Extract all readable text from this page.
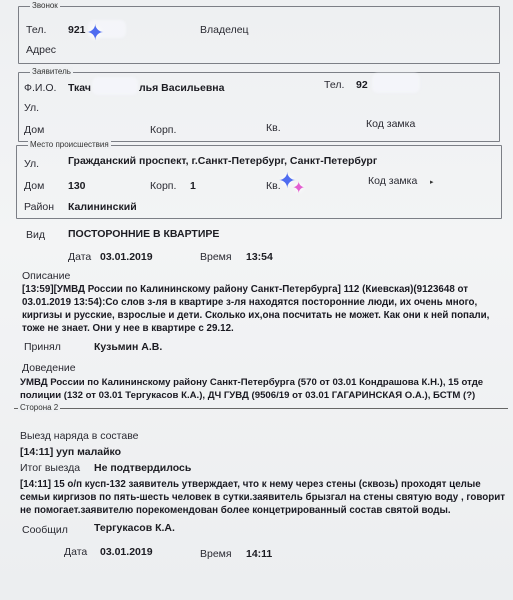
Звонок
Тел. 921 ✦	Владелец
Адрес
Заявитель
Ф.И.О. Ткач	лья Васильевна	Тел. 92
Ул.
Дом	Корп.	Кв.	Код замка
Место происшествия
Ул.	Гражданский проспект, г.Санкт-Петербург, Санкт-Петербург
Дом 130	Корп. 1	Кв.
✦
✦	Код замка ▸
Район Калининский
Вид ПОСТОРОННИЕ В КВАРТИРЕ
Дата 03.01.2019	Время 13:54
Описание
[13:59][УМВД России по Калининскому району Санкт-Петербурга] 112 (Киевская)(9123648 от
03.01.2019 13:54):Со слов з-ля в квартире з-ля находятся посторонние люди, их очень много,
киргизы и русские, взрослые и дети. Сколько их,она посчитать не может. Как они к ней попали,
тоже не знает. Они у нее в квартире с 29.12.
Принял	Кузьмин А.В.
Доведение
УМВД России по Калининскому району Санкт-Петербурга (570 от 03.01 Кондрашова К.Н.), 15 отде
полиции (132 от 03.01 Тергукасов К.А.), ДЧ ГУВД (9506/19 от 03.01 ГАГАРИНСКАЯ О.А.), БСТМ (?)
Сторона 2
Выезд наряда в составе
[14:11] ууп малайко
Итог выезда Не подтвердилось
[14:11] 15 о/п кусп-132 заявитель утверждает, что к нему через стены (сквозь) проходят целые
семьи киргизов по пять-шесть человек в сутки.заявитель брызгал на стены святую воду , говорит
не помогает.заявителю порекомендован более концетрированный состав святой воды.
Сообщил Тергукасов К.А.
Дата 03.01.2019	Время 14:11
